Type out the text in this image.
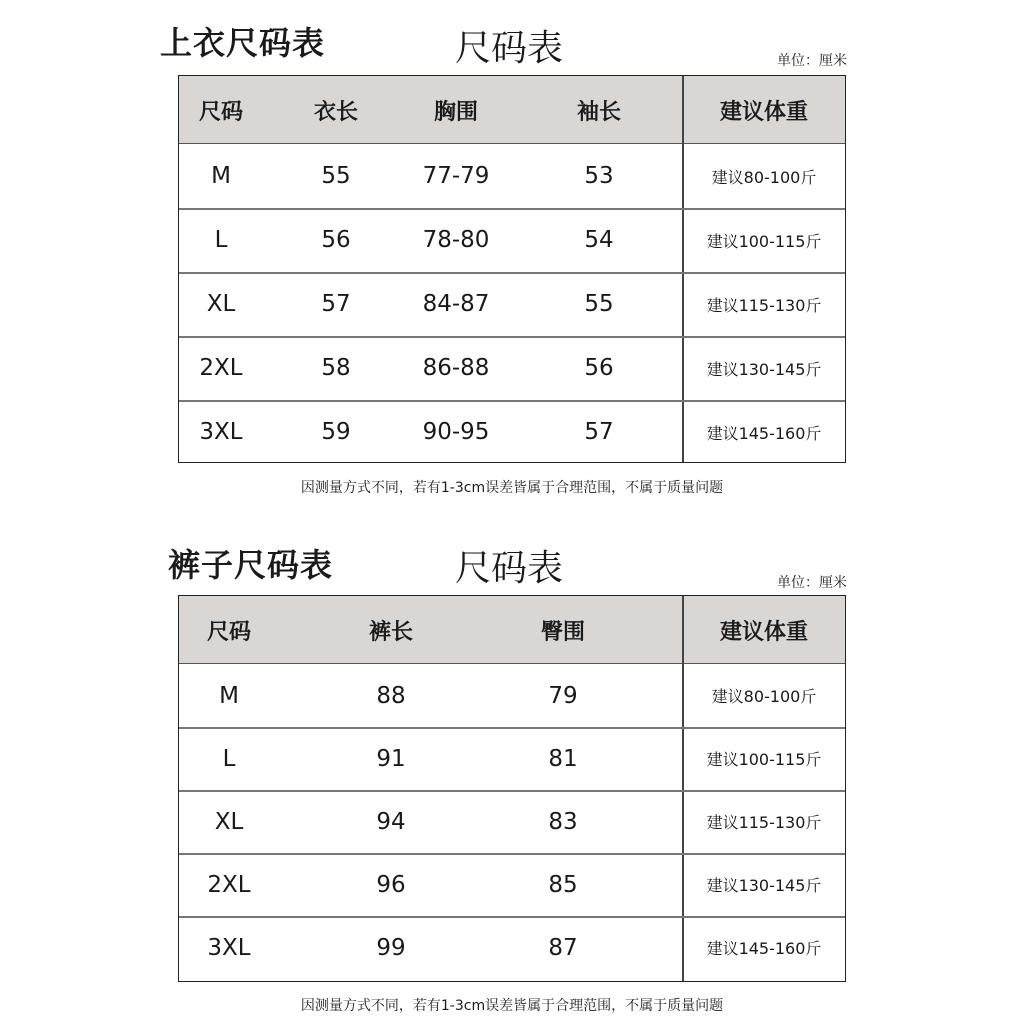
上衣尺码表	尺码表	单位：厘米
尺码	衣长	胸围	袖长	建议体重
M	55	77-79	53	建议80-100斤
L	56	78-80	54	建议100-115斤
XL	57	84-87	55	建议115-130斤
2XL	58	86-88	56	建议130-145斤
3XL	59	90-95	57	建议145-160斤
因测量方式不同，若有1-3cm误差皆属于合理范围，不属于质量问题
裤子尺码表	尺码表	单位：厘米
尺码	裤长	臀围	建议体重
M	88	79	建议80-100斤
L	91	81	建议100-115斤
XL	94	83	建议115-130斤
2XL	96	85	建议130-145斤
3XL	99	87	建议145-160斤
因测量方式不同，若有1-3cm误差皆属于合理范围，不属于质量问题
